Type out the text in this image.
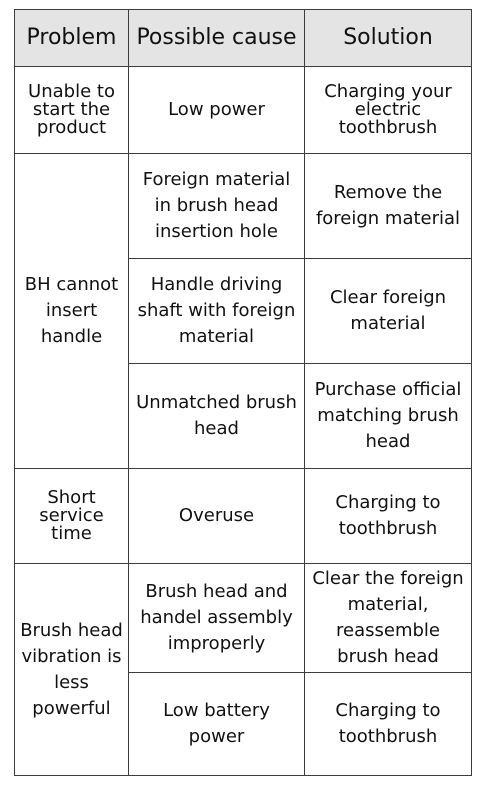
Problem	Possible cause	Solution
Unable to start the product	Low power	Charging your electric toothbrush
BH cannot insert handle	Foreign material in brush head insertion hole	Remove the foreign material
	Handle driving shaft with foreign material	Clear foreign material
	Unmatched brush head	Purchase official matching brush head
Short service time	Overuse	Charging to toothbrush
Brush head vibration is less powerful	Brush head and handel assembly improperly	Clear the foreign material, reassemble brush head
	Low battery power	Charging to toothbrush
